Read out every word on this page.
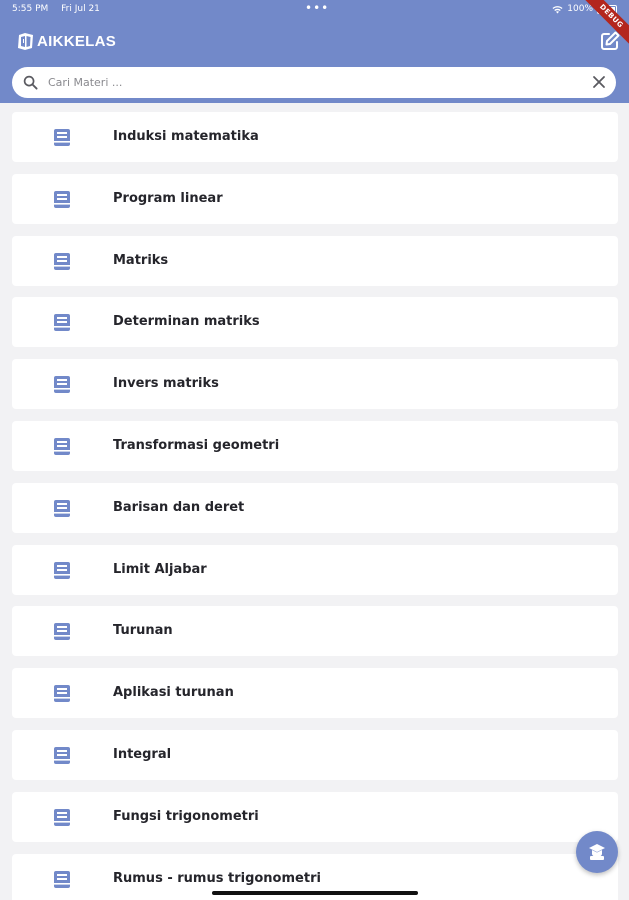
5:55 PM Fri Jul 21	•••	100% DEBUG
AIKKELAS
Cari Materi ...
Induksi matematika
Program linear
Matriks
Determinan matriks
Invers matriks
Transformasi geometri
Barisan dan deret
Limit Aljabar
Turunan
Aplikasi turunan
Integral
Fungsi trigonometri
Rumus - rumus trigonometri
